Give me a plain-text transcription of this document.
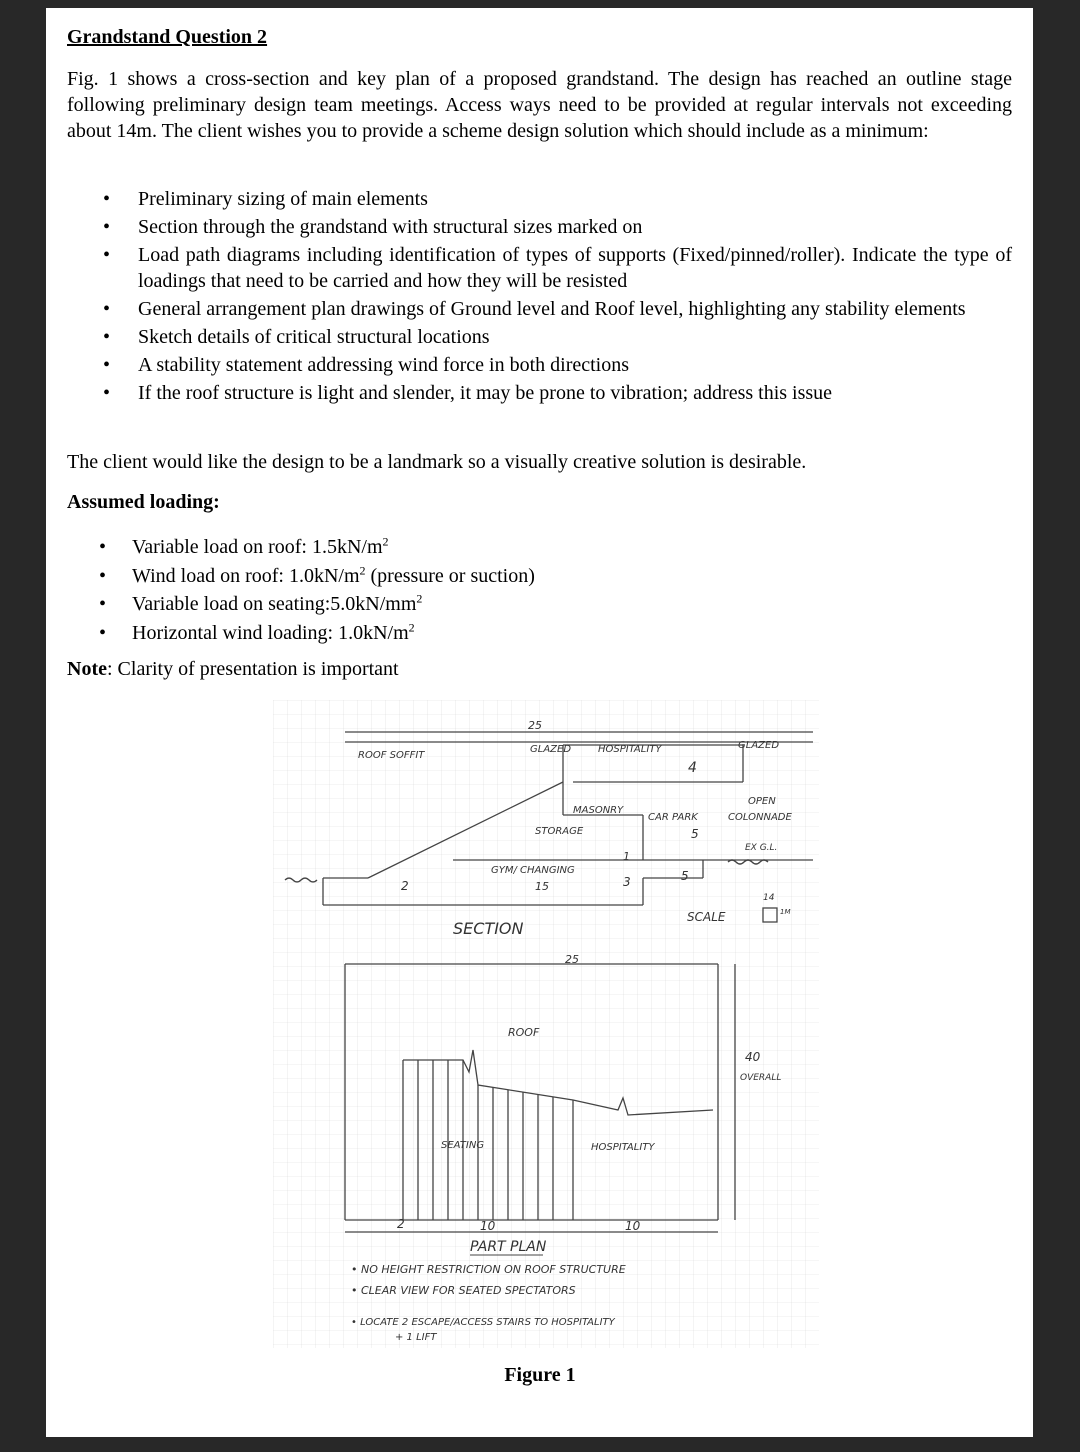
Grandstand Question 2

Fig. 1 shows a cross-section and key plan of a proposed grandstand. The design has reached an outline stage following preliminary design team meetings. Access ways need to be provided at regular intervals not exceeding about 14m. The client wishes you to provide a scheme design solution which should include as a minimum:

• Preliminary sizing of main elements
• Section through the grandstand with structural sizes marked on
• Load path diagrams including identification of types of supports (Fixed/pinned/roller). Indicate the type of loadings that need to be carried and how they will be resisted
• General arrangement plan drawings of Ground level and Roof level, highlighting any stability elements
• Sketch details of critical structural locations
• A stability statement addressing wind force in both directions
• If the roof structure is light and slender, it may be prone to vibration; address this issue
The client would like the design to be a landmark so a visually creative solution is desirable.
Assumed loading:
• Variable load on roof: $1.5kN/m^2$
• Wind load on roof: $1.0kN/m^2$ (pressure or suction)
• Variable load on $seating:5.0kN/mm^2$
• Horizontal wind loading: $1.0kN/m^2$
Note: Clarity of presentation is important
25
ROOF SOFFIT
GLAZED	HOSPITALITY	GLAZED
4
OPEN
MASONRY
CAR PARK	COLONNADE
STORAGE	5
EX G.L.
1
GYM/ CHANGING
3	5
2	15
14
SCALE	1M
SECTION
25
ROOF
40
OVERALL
SEATING	HOSPITALITY
2	10	10
PART PLAN
• NO HEIGHT RESTRICTION ON ROOF STRUCTURE
• CLEAR VIEW FOR SEATED SPECTATORS
• LOCATE 2 ESCAPE/ACCESS STAIRS TO HOSPITALITY
+ 1 LIFT
Figure 1
